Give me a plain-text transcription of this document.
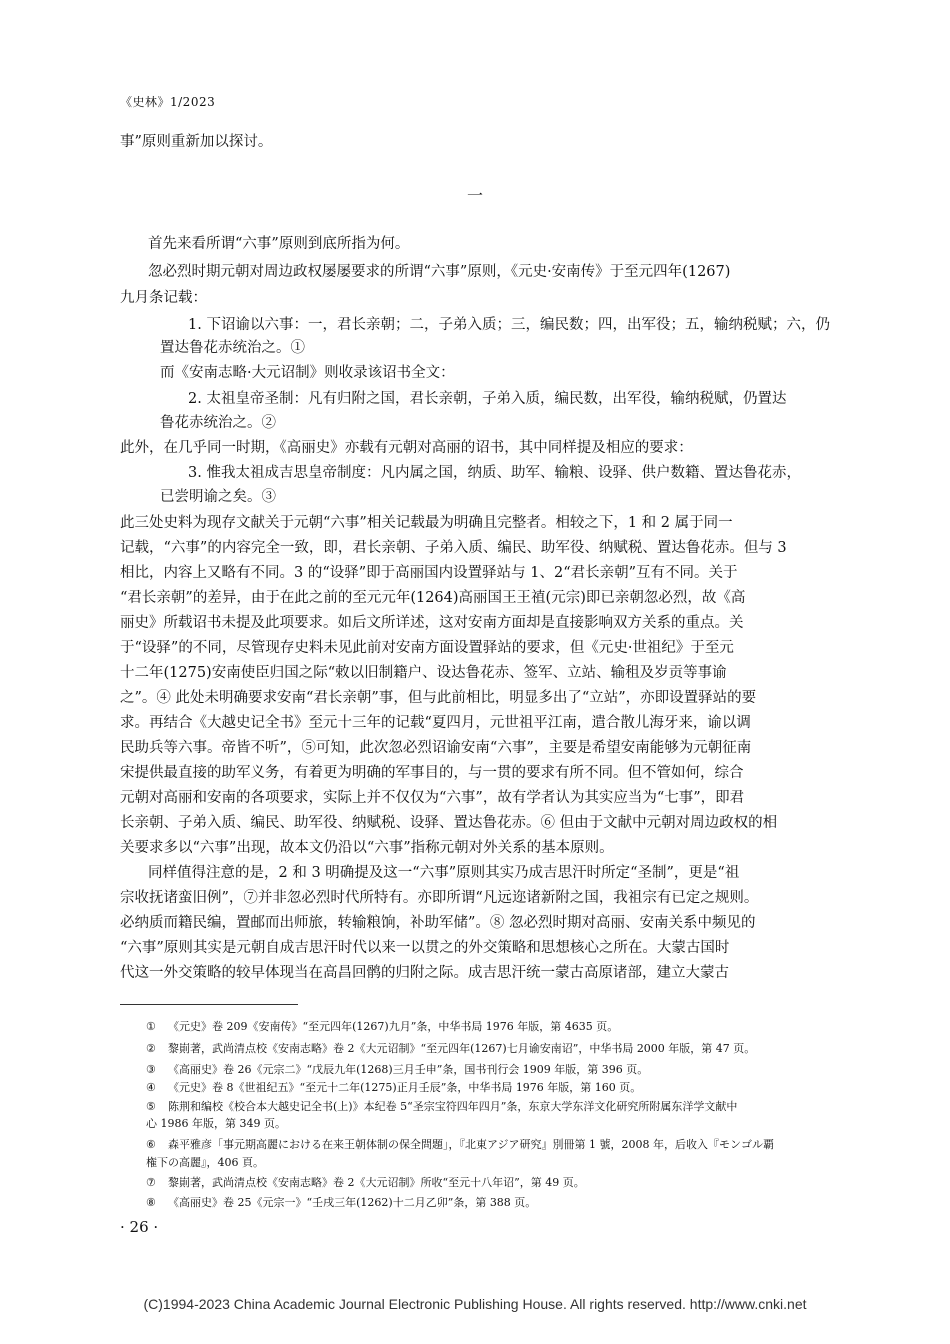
《史林》1/2023
事”原则重新加以探讨。
一
首先来看所谓“六事”原则到底所指为何。
忽必烈时期元朝对周边政权屡屡要求的所谓“六事”原则，《元史·安南传》于至元四年(1267)
九月条记载：
1. 下诏谕以六事：一，君长亲朝；二，子弟入质；三，编民数；四，出军役；五，输纳税赋；六，仍
置达鲁花赤统治之。①
而《安南志略·大元诏制》则收录该诏书全文：
2. 太祖皇帝圣制：凡有归附之国，君长亲朝，子弟入质，编民数，出军役，输纳税赋，仍置达
鲁花赤统治之。②
此外，在几乎同一时期，《高丽史》亦载有元朝对高丽的诏书，其中同样提及相应的要求：
3. 惟我太祖成吉思皇帝制度：凡内属之国，纳质、助军、输粮、设驿、供户数籍、置达鲁花赤，
已尝明谕之矣。③
此三处史料为现存文献关于元朝“六事”相关记载最为明确且完整者。相较之下，1 和 2 属于同一
记载，“六事”的内容完全一致，即，君长亲朝、子弟入质、编民、助军役、纳赋税、置达鲁花赤。但与 3
相比，内容上又略有不同。3 的“设驿”即于高丽国内设置驿站与 1、2“君长亲朝”互有不同。关于
“君长亲朝”的差异，由于在此之前的至元元年(1264)高丽国王王禃(元宗)即已亲朝忽必烈，故《高
丽史》所载诏书未提及此项要求。如后文所详述，这对安南方面却是直接影响双方关系的重点。关
于“设驿”的不同，尽管现存史料未见此前对安南方面设置驿站的要求，但《元史·世祖纪》于至元
十二年(1275)安南使臣归国之际“敕以旧制籍户、设达鲁花赤、签军、立站、输租及岁贡等事谕
之”。④ 此处未明确要求安南“君长亲朝”事，但与此前相比，明显多出了“立站”，亦即设置驿站的要
求。再结合《大越史记全书》至元十三年的记载“夏四月，元世祖平江南，遣合散儿海牙来，谕以调
民助兵等六事。帝皆不听”，⑤可知，此次忽必烈诏谕安南“六事”，主要是希望安南能够为元朝征南
宋提供最直接的助军义务，有着更为明确的军事目的，与一贯的要求有所不同。但不管如何，综合
元朝对高丽和安南的各项要求，实际上并不仅仅为“六事”，故有学者认为其实应当为“七事”，即君
长亲朝、子弟入质、编民、助军役、纳赋税、设驿、置达鲁花赤。⑥ 但由于文献中元朝对周边政权的相
关要求多以“六事”出现，故本文仍沿以“六事”指称元朝对外关系的基本原则。
同样值得注意的是，2 和 3 明确提及这一“六事”原则其实乃成吉思汗时所定“圣制”，更是“祖
宗收抚诸蛮旧例”，⑦并非忽必烈时代所特有。亦即所谓“凡远迩诸新附之国，我祖宗有已定之规则。
必纳质而籍民编，置邮而出师旅，转输粮饷，补助军储”。⑧ 忽必烈时期对高丽、安南关系中频见的
“六事”原则其实是元朝自成吉思汗时代以来一以贯之的外交策略和思想核心之所在。大蒙古国时
代这一外交策略的较早体现当在高昌回鹘的归附之际。成吉思汗统一蒙古高原诸部，建立大蒙古
① 《元史》卷 209《安南传》“至元四年(1267)九月”条，中华书局 1976 年版，第 4635 页。
② 黎崱著，武尚清点校《安南志略》卷 2《大元诏制》“至元四年(1267)七月谕安南诏”，中华书局 2000 年版，第 47 页。
③ 《高丽史》卷 26《元宗二》“戊辰九年(1268)三月壬申”条，国书刊行会 1909 年版，第 396 页。
④ 《元史》卷 8《世祖纪五》“至元十二年(1275)正月壬辰”条，中华书局 1976 年版，第 160 页。
⑤ 陈荆和编校《校合本大越史记全书(上)》本纪卷 5“圣宗宝符四年四月”条，东京大学东洋文化研究所附属东洋学文献中
心 1986 年版，第 349 页。
⑥ 森平雅彦「事元期高麗における在来王朝体制の保全問題」，『北東アジア研究』別冊第 1 號，2008 年，后收入『モンゴル覇
権下の高麗』，406 頁。
⑦ 黎崱著，武尚清点校《安南志略》卷 2《大元诏制》所收“至元十八年诏”，第 49 页。
⑧ 《高丽史》卷 25《元宗一》“壬戌三年(1262)十二月乙卯”条，第 388 页。
· 26 ·
(C)1994-2023 China Academic Journal Electronic Publishing House. All rights reserved. http://www.cnki.net
